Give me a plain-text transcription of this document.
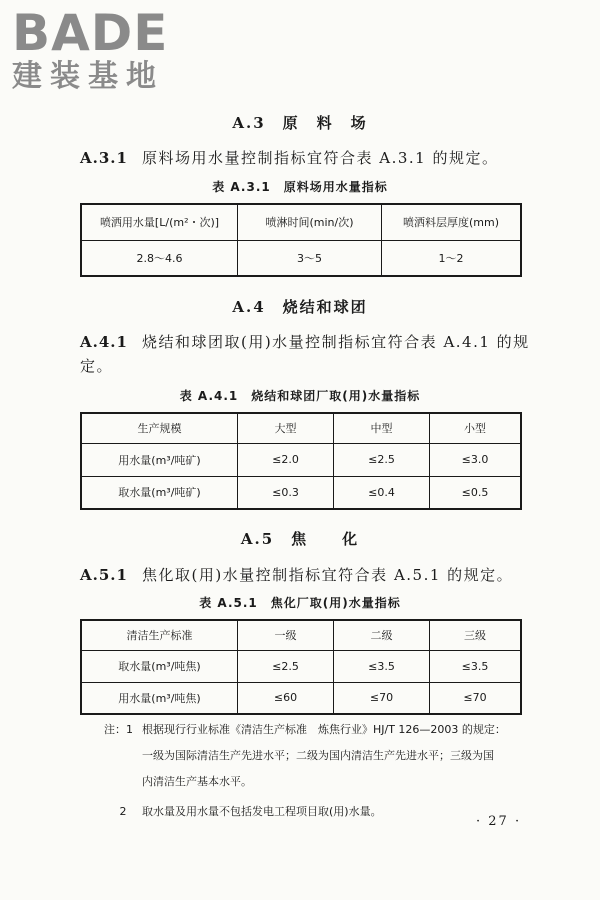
BADE
建装基地
A.3　原　料　场
A.3.1 原料场用水量控制指标宜符合表 A.3.1 的规定。
表 A.3.1　原料场用水量指标
喷洒用水量[L/(m²・次)]	喷淋时间(min/次)	喷洒料层厚度(mm)
2.8～4.6	3～5	1～2
A.4　烧结和球团
A.4.1 烧结和球团取(用)水量控制指标宜符合表 A.4.1 的规定。
表 A.4.1　烧结和球团厂取(用)水量指标
生产规模	大型	中型	小型
用水量(m³/吨矿)	≤2.0	≤2.5	≤3.0
取水量(m³/吨矿)	≤0.3	≤0.4	≤0.5
A.5　焦　　化
A.5.1 焦化取(用)水量控制指标宜符合表 A.5.1 的规定。
表 A.5.1　焦化厂取(用)水量指标
清洁生产标准	一级	二级	三级
取水量(m³/吨焦)	≤2.5	≤3.5	≤3.5
用水量(m³/吨焦)	≤60	≤70	≤70
注：1 根据现行行业标准《清洁生产标准　炼焦行业》HJ/T 126—2003 的规定：
一级为国际清洁生产先进水平；二级为国内清洁生产先进水平；三级为国
内清洁生产基本水平。
2	取水量及用水量不包括发电工程项目取(用)水量。
· 27 ·
